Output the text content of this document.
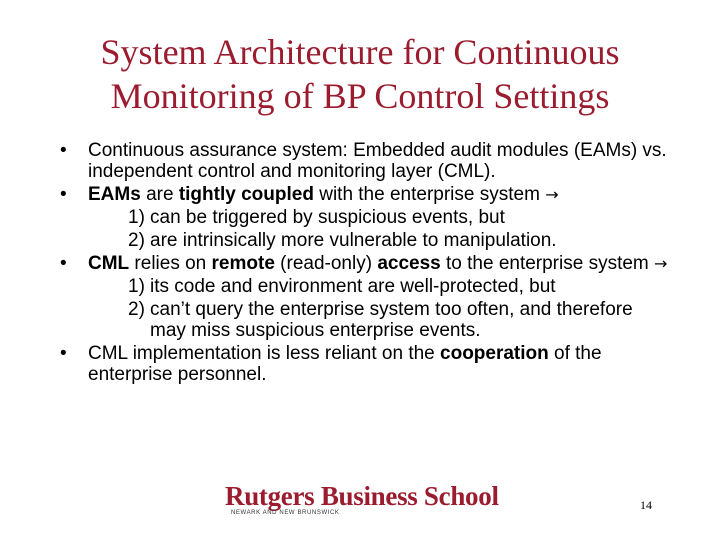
System Architecture for Continuous
Monitoring of BP Control Settings
• Continuous assurance system: Embedded audit modules (EAMs) vs. independent control and monitoring layer (CML).
• EAMs are tightly coupled with the enterprise system →
1) can be triggered by suspicious events, but
2) are intrinsically more vulnerable to manipulation.
• CML relies on remote (read-only) access to the enterprise system →
1) its code and environment are well-protected, but
2) can’t query the enterprise system too often, and therefore may miss suspicious enterprise events.
• CML implementation is less reliant on the cooperation of the enterprise personnel.
Rutgers Business School
NEWARK AND NEW BRUNSWICK
14
